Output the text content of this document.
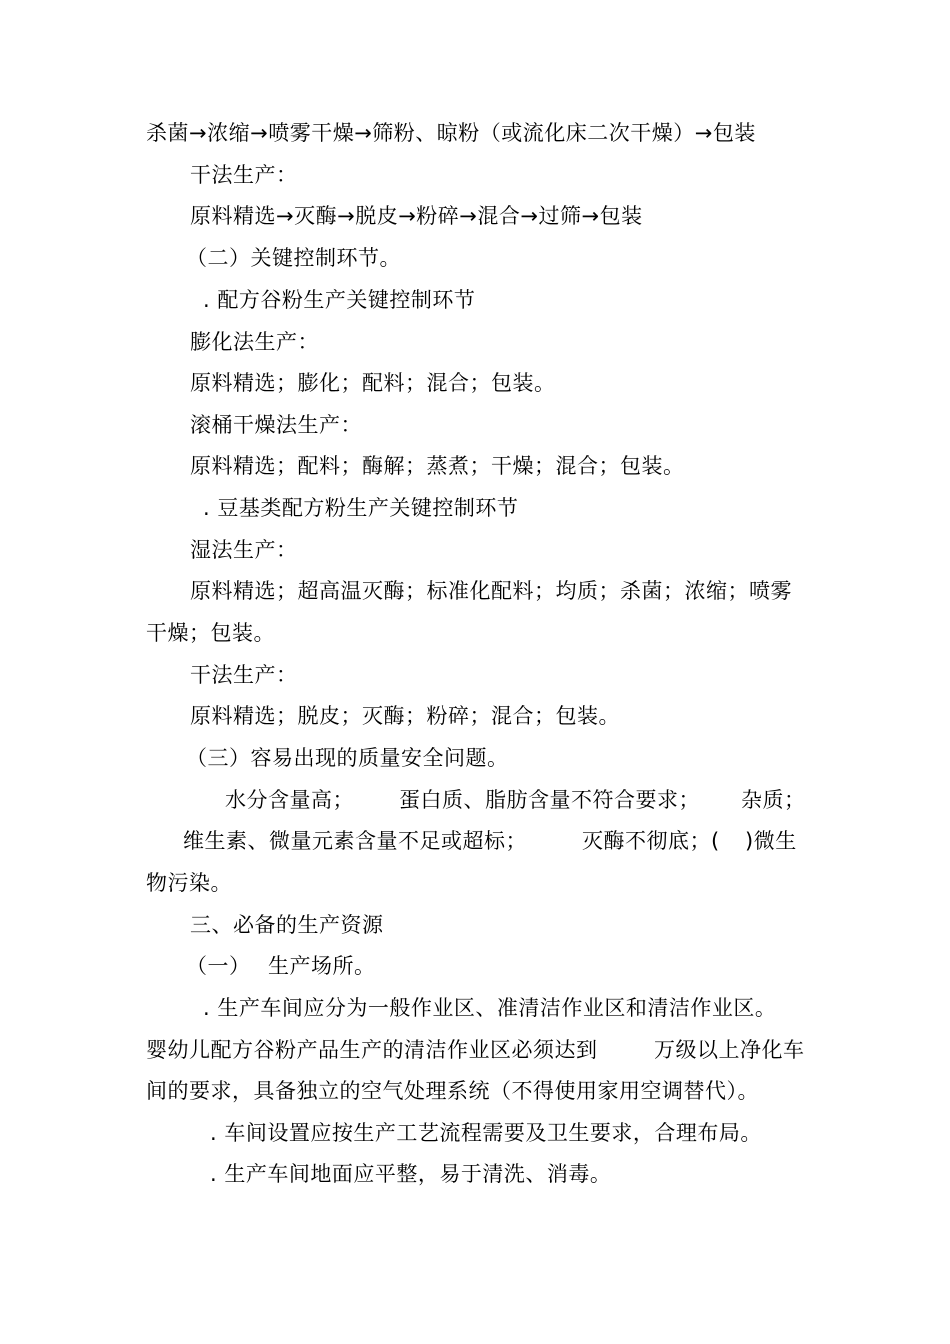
杀菌→浓缩→喷雾干燥→筛粉、晾粉（或流化床二次干燥）→包装

干法生产：

原料精选→灭酶→脱皮→粉碎→混合→过筛→包装

（二）关键控制环节。

. 配方谷粉生产关键控制环节

膨化法生产：

原料精选；膨化；配料；混合；包装。

滚桶干燥法生产：

原料精选；配料；酶解；蒸煮；干燥；混合；包装。

. 豆基类配方粉生产关键控制环节

湿法生产：

原料精选；超高温灭酶；标准化配料；均质；杀菌；浓缩；喷雾

干燥；包装。

干法生产：

原料精选；脱皮；灭酶；粉碎；混合；包装。

（三）容易出现的质量安全问题。

水分含量高； 蛋白质、脂肪含量不符合要求； 杂质；
维生素、微量元素含量不足或超标；	灭酶不彻底；( )微生

物污染。

三、必备的生产资源

（一） 生产场所。

. 生产车间应分为一般作业区、准清洁作业区和清洁作业区。

婴幼儿配方谷粉产品生产的清洁作业区必须达到	万级以上净化车

间的要求，具备独立的空气处理系统（不得使用家用空调替代）。

. 车间设置应按生产工艺流程需要及卫生要求，合理布局。

. 生产车间地面应平整，易于清洗、消毒。
